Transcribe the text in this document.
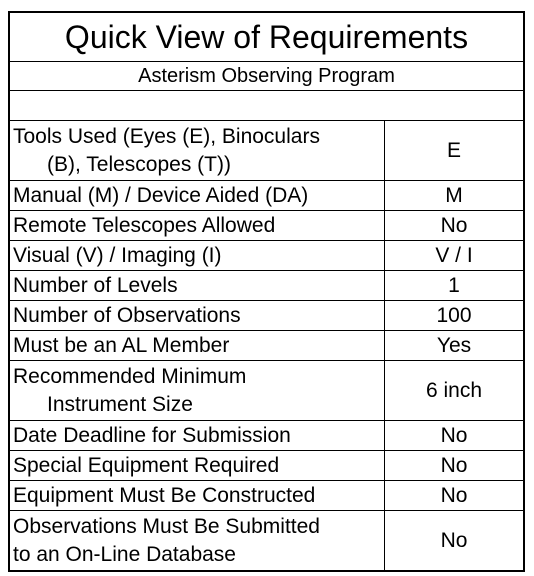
Quick View of Requirements
Asterism Observing Program
Tools Used (Eyes (E), Binoculars
(B), Telescopes (T))	E
Manual (M) / Device Aided (DA)	M
Remote Telescopes Allowed	No
Visual (V) / Imaging (I)	V / I
Number of Levels	1
Number of Observations	100
Must be an AL Member	Yes

Recommended Minimum
Instrument Size	6 inch
Date Deadline for Submission	No
Special Equipment Required	No
Equipment Must Be Constructed	No

Observations Must Be Submitted
to an On-Line Database	No
